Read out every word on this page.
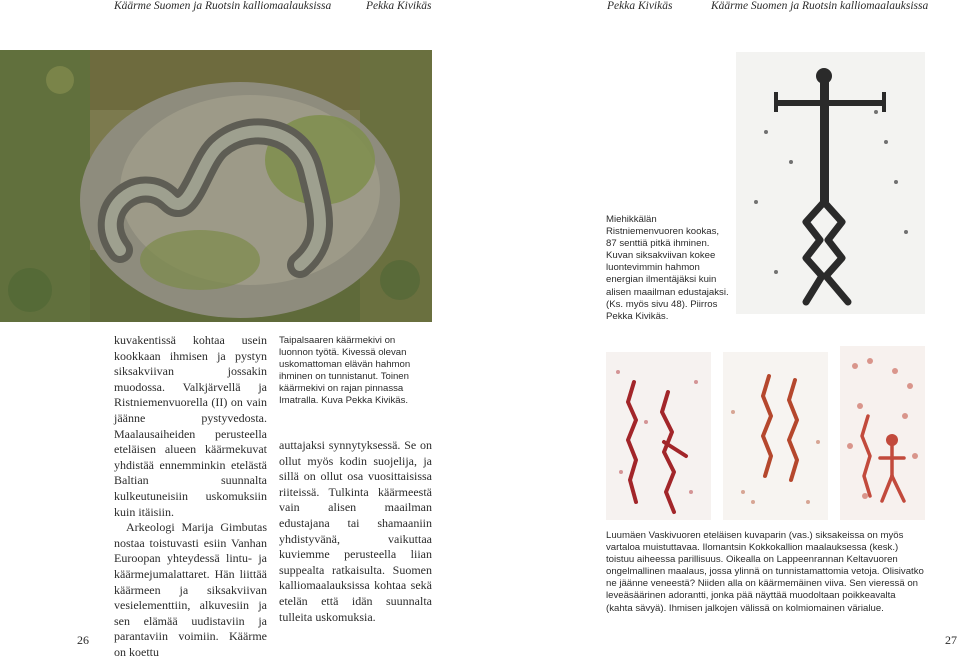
Käärme Suomen ja Ruotsin kalliomaalauksissa	Pekka Kivikäs	Pekka Kivikäs	Käärme Suomen ja Ruotsin kalliomaalauksissa

Miehikkälän Ristniemenvuoren kookas, 87 senttiä pitkä ihminen. Kuvan siksakviivan kokee luontevimmin hahmon energian ilmentäjäksi kuin alisen maailman edustajaksi. (Ks. myös sivu 48). Piirros Pekka Kivikäs.

kuvakentissä kohtaa usein kookkaan ihmisen ja pystyn siksakviivan jossakin muodossa. Valkjärvellä ja Ristniemenvuorella (II) on vain jäänne pystyvedosta. Maalausaiheiden perusteella eteläisen alueen käärmekuvat yhdistää ennemminkin etelästä Baltian suunnalta kulkeutuneisiin uskomuksiin kuin itäisiin.

Arkeologi Marija Gimbutas nostaa toistuvasti esiin Vanhan Euroopan yhteydessä lintu- ja käärmejumalattaret. Hän liittää käärmeen ja siksakviivan vesielementtiin, alkuvesiin ja sen elämää uudistaviin ja parantaviin voimiin. Käärme on koettu

Taipalsaaren käärmekivi on luonnon työtä. Kivessä olevan uskomattoman elävän hahmon ihminen on tunnistanut. Toinen käärmekivi on rajan pinnassa Imatralla. Kuva Pekka Kivikäs.

auttajaksi synnytyksessä. Se on ollut myös kodin suojelija, ja sillä on ollut osa vuosittaisissa riiteissä. Tulkinta käärmeestä vain alisen maailman edustajana tai shamaaniin yhdistyvänä, vaikuttaa kuviemme perusteella liian suppealta ratkaisulta. Suomen kalliomaalauksissa kohtaa sekä etelän että idän suunnalta tulleita uskomuksia.

Luumäen Vaskivuoren eteläisen kuvaparin (vas.) siksakeissa on myös vartaloa muistuttavaa. Ilomantsin Kokkokallion maalauksessa (kesk.) toistuu aiheessa parillisuus. Oikealla on Lappeenrannan Keltavuoren ongelmallinen maalaus, jossa ylinnä on tunnistamattomia vetoja. Olisivatko ne jäänne veneestä? Niiden alla on käärmemäinen viiva. Sen vieressä on leveäsäärinen adorantti, jonka pää näyttää muodoltaan poikkeavalta (kahta sävyä). Ihmisen jalkojen välissä on kolmiomainen värialue.

26	27
